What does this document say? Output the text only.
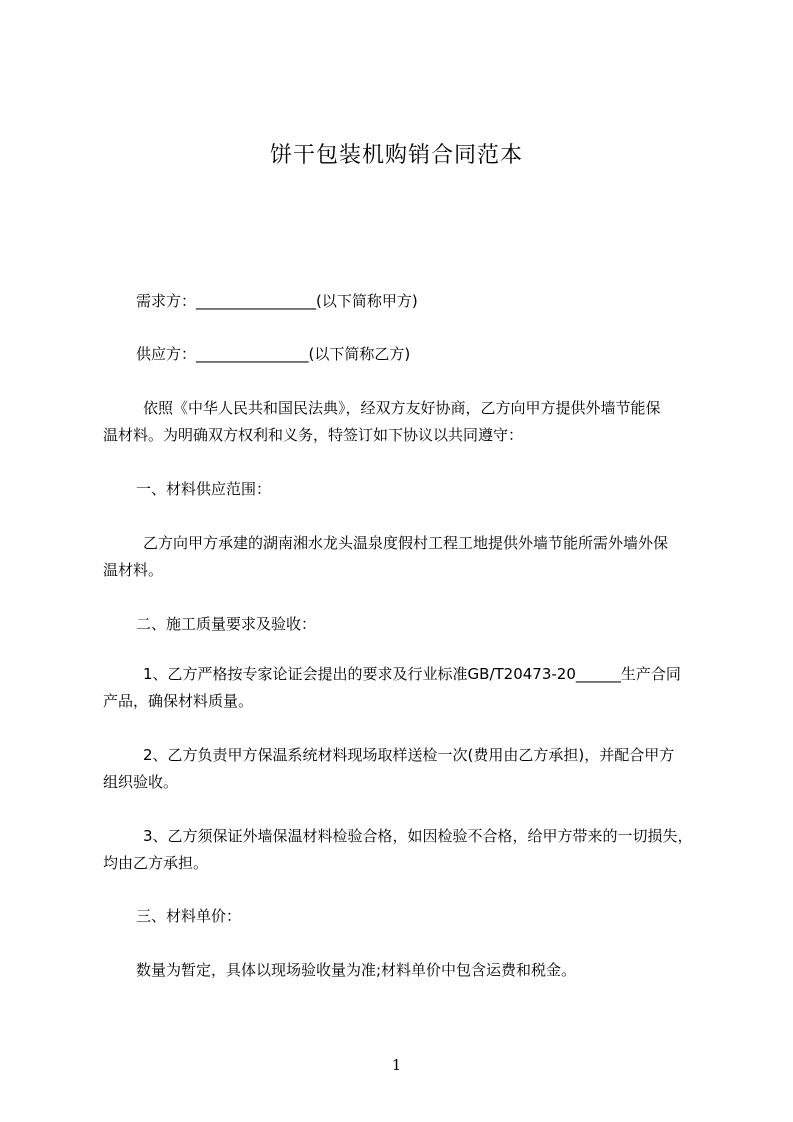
饼干包装机购销合同范本
需求方：________________(以下简称甲方)
供应方：_______________(以下简称乙方)
依照《中华人民共和国民法典》，经双方友好协商，乙方向甲方提供外墙节能保
温材料。为明确双方权利和义务，特签订如下协议以共同遵守：
一、材料供应范围：
乙方向甲方承建的湖南湘水龙头温泉度假村工程工地提供外墙节能所需外墙外保
温材料。
二、施工质量要求及验收：
1、乙方严格按专家论证会提出的要求及行业标准GB/T20473-20______生产合同
产品，确保材料质量。
2、乙方负责甲方保温系统材料现场取样送检一次(费用由乙方承担)，并配合甲方
组织验收。
3、乙方须保证外墙保温材料检验合格，如因检验不合格，给甲方带来的一切损失，
均由乙方承担。
三、材料单价：
数量为暂定，具体以现场验收量为准;材料单价中包含运费和税金。
1
